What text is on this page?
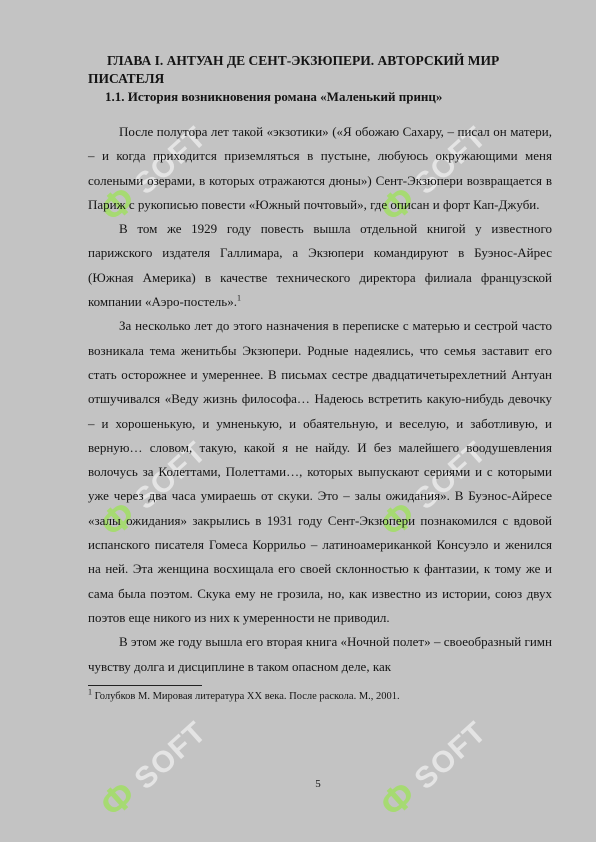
Ф SOFT
Ф SOFT
Ф SOFT
Ф SOFT
Ф SOFT
Ф SOFT

ГЛАВА I. АНТУАН ДЕ СЕНТ-ЭКЗЮПЕРИ. АВТОРСКИЙ МИР ПИСАТЕЛЯ

1.1. История возникновения романа «Маленький принц»

После полутора лет такой «экзотики» («Я обожаю Сахару, – писал он матери, – и когда приходится приземляться в пустыне, любуюсь окружающими меня солеными озерами, в которых отражаются дюны») Сент-Экзюпери возвращается в Париж с рукописью повести «Южный почтовый», где описан и форт Кап-Джуби.

В том же 1929 году повесть вышла отдельной книгой у известного парижского издателя Галлимара, а Экзюпери командируют в Буэнос-Айрес (Южная Америка) в качестве технического директора филиала французской компании «Аэро-постель».$^1$

За несколько лет до этого назначения в переписке с матерью и сестрой часто возникала тема женитьбы Экзюпери. Родные надеялись, что семья заставит его стать осторожнее и умереннее. В письмах сестре двадцатичетырехлетний Антуан отшучивался «Веду жизнь философа… Надеюсь встретить какую-нибудь девочку – и хорошенькую, и умненькую, и обаятельную, и веселую, и заботливую, и верную… словом, такую, какой я не найду. И без малейшего воодушевления волочусь за Колеттами, Полеттами…, которых выпускают сериями и с которыми уже через два часа умираешь от скуки. Это – залы ожидания». В Буэнос-Айресе «залы ожидания» закрылись в 1931 году Сент-Экзюпери познакомился с вдовой испанского писателя Гомеса Коррильо – латиноамериканкой Консуэло и женился на ней. Эта женщина восхищала его своей склонностью к фантазии, к тому же и сама была поэтом. Скука ему не грозила, но, как известно из истории, союз двух поэтов еще никого из них к умеренности не приводил.

В этом же году вышла его вторая книга «Ночной полет» – своеобразный гимн чувству долга и дисциплине в таком опасном деле, как

$^1$ Голубков М. Мировая литература XX века. После раскола. М., 2001.
5
